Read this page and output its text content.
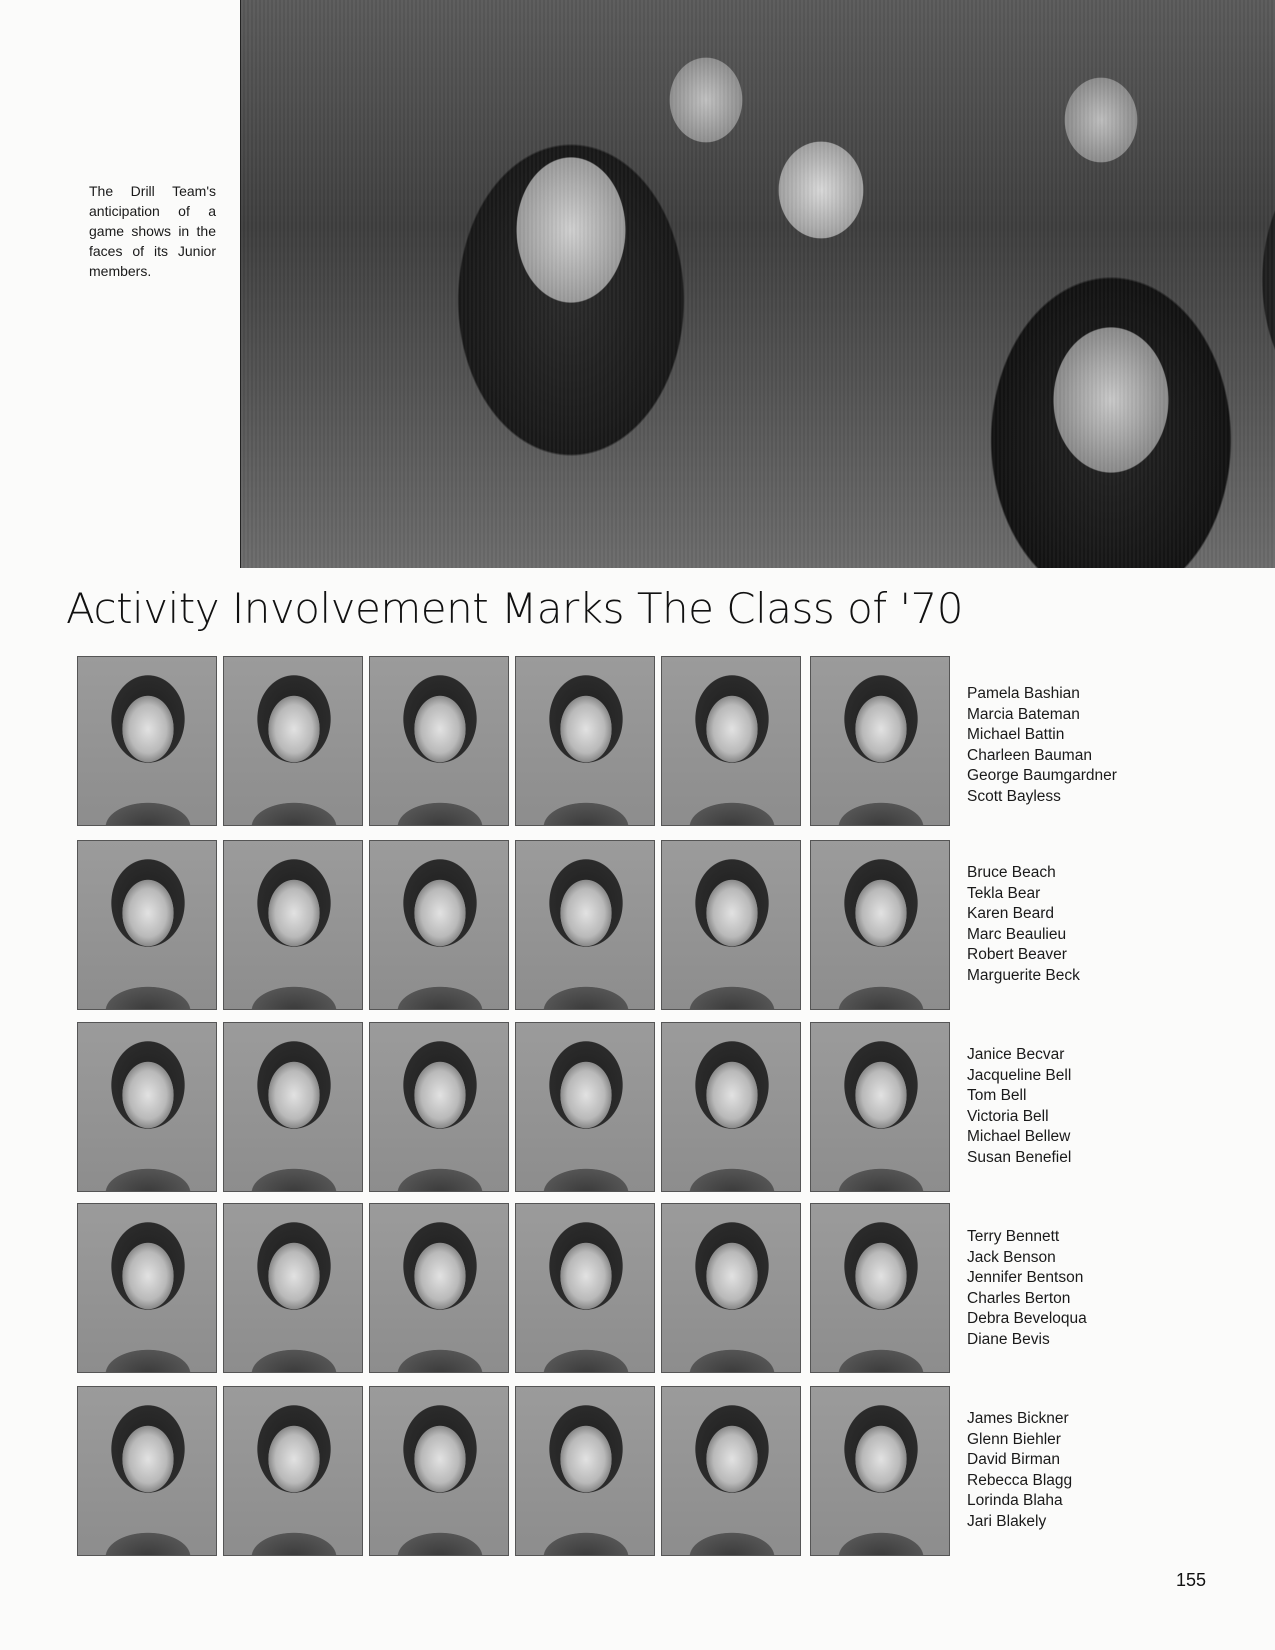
The Drill Team's anticipation of a game shows in the faces of its Junior members.
Activity Involvement Marks The Class of '70
Pamela Bashian
Marcia Bateman
Michael Battin
Charleen Bauman
George Baumgardner
Scott Bayless
Bruce Beach
Tekla Bear
Karen Beard
Marc Beaulieu
Robert Beaver
Marguerite Beck
Janice Becvar
Jacqueline Bell
Tom Bell
Victoria Bell
Michael Bellew
Susan Benefiel
Terry Bennett
Jack Benson
Jennifer Bentson
Charles Berton
Debra Beveloqua
Diane Bevis
James Bickner
Glenn Biehler
David Birman
Rebecca Blagg
Lorinda Blaha
Jari Blakely
155
